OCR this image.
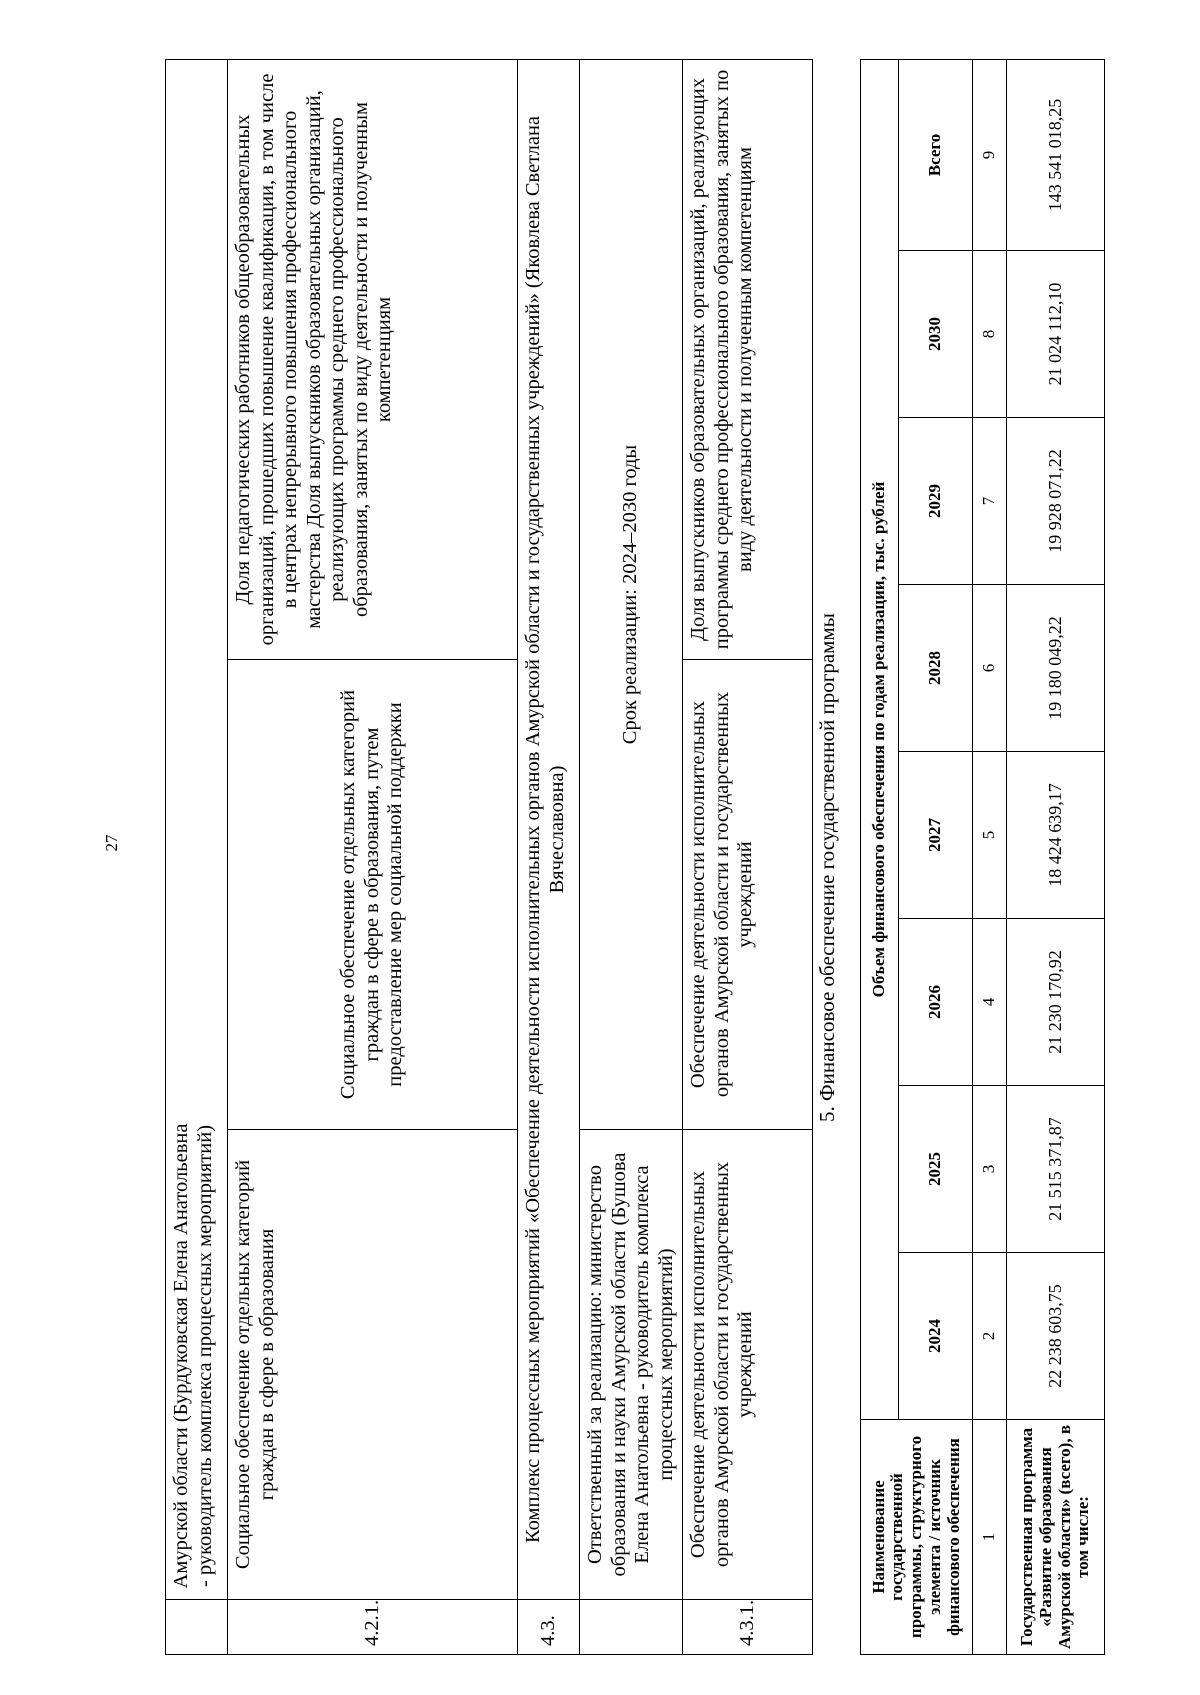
27
	Амурской области (Бурдуковская Елена Анатольевна - руководитель комплекса процессных мероприятий)		
4.2.1.	Социальное обеспечение отдельных категорий граждан в сфере в образования	Социальное обеспечение отдельных категорий граждан в сфере в образования, путем предоставление мер социальной поддержки	Доля педагогических работников общеобразовательных организаций, прошедших повышение квалификации, в том числе в центрах непрерывного повышения профессионального мастерства Доля выпускников образовательных организаций, реализующих программы среднего профессионального образования, занятых по виду деятельности и полученным компетенциям
4.3.	Комплекс процессных мероприятий «Обеспечение деятельности исполнительных органов Амурской области и государственных учреждений» (Яковлева Светлана Вячеславовна)		
	Ответственный за реализацию: министерство образования и науки Амурской области (Бушова Елена Анатольевна - руководитель комплекса процессных мероприятий)	Срок реализации: 2024–2030 годы	
4.3.1.	Обеспечение деятельности исполнительных органов Амурской области и государственных учреждений	Обеспечение деятельности исполнительных органов Амурской области и государственных учреждений	Доля выпускников образовательных организаций, реализующих программы среднего профессионального образования, занятых по виду деятельности и полученным компетенциям
5. Финансовое обеспечение государственной программы
Наименование государственной программы, структурного элемента / источник финансового обеспечения	Объем финансового обеспечения по годам реализации, тыс. рублей							
	2024	2025	2026	2027	2028	2029	2030	Всего
1	2	3	4	5	6	7	8	9
Государственная программа «Развитие образования Амурской области» (всего), в том числе:	22 238 603,75	21 515 371,87	21 230 170,92	18 424 639,17	19 180 049,22	19 928 071,22	21 024 112,10	143 541 018,25
